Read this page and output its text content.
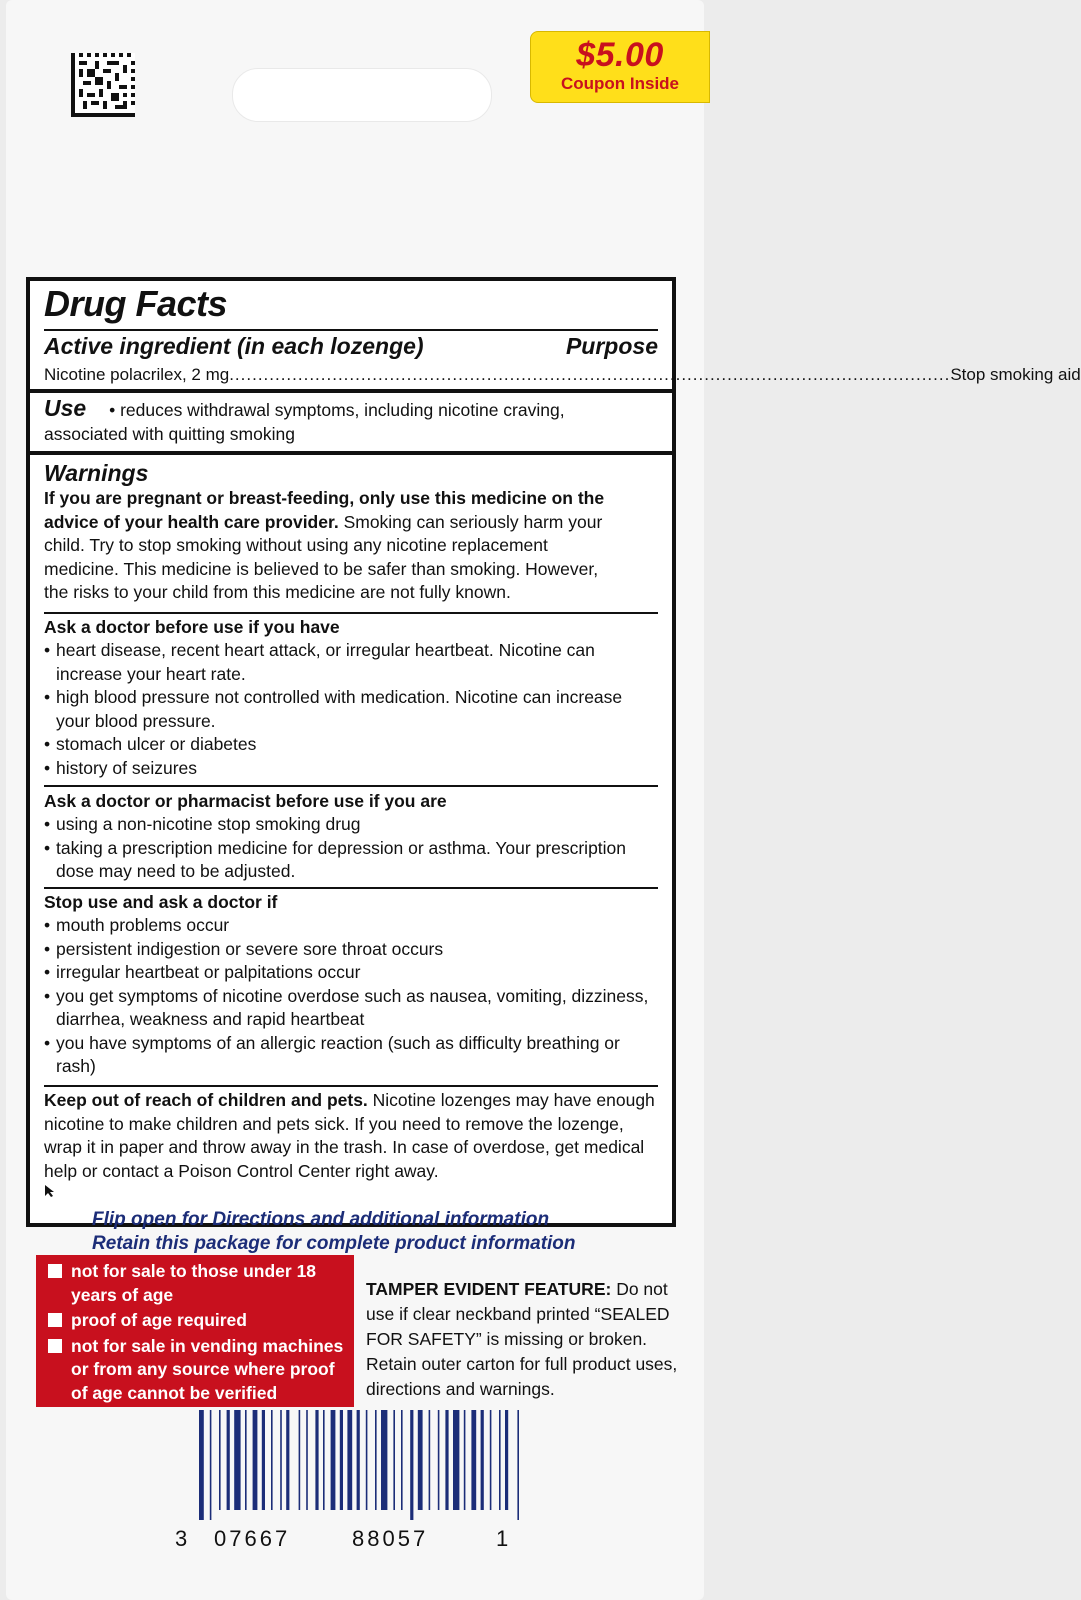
$5.00
Coupon Inside
Drug Facts
Active ingredient (in each lozenge)	Purpose
Nicotine polacrilex, 2 mg .............................................................................................................................. Stop smoking aid
Use • reduces withdrawal symptoms, including nicotine craving,
associated with quitting smoking
Warnings
If you are pregnant or breast-feeding, only use this medicine on the
advice of your health care provider. Smoking can seriously harm your
child. Try to stop smoking without using any nicotine replacement
medicine. This medicine is believed to be safer than smoking. However,
the risks to your child from this medicine are not fully known.
Ask a doctor before use if you have
• heart disease, recent heart attack, or irregular heartbeat. Nicotine can increase your heart rate.
• high blood pressure not controlled with medication. Nicotine can increase your blood pressure.
• stomach ulcer or diabetes
• history of seizures
Ask a doctor or pharmacist before use if you are
• using a non-nicotine stop smoking drug
• taking a prescription medicine for depression or asthma. Your prescription dose may need to be adjusted.
Stop use and ask a doctor if
• mouth problems occur
• persistent indigestion or severe sore throat occurs
• irregular heartbeat or palpitations occur
• you get symptoms of nicotine overdose such as nausea, vomiting, dizziness, diarrhea, weakness and rapid heartbeat
• you have symptoms of an allergic reaction (such as difficulty breathing or rash)
Keep out of reach of children and pets. Nicotine lozenges may have enough nicotine to make children and pets sick. If you need to remove the lozenge, wrap it in paper and throw away in the trash. In case of overdose, get medical help or contact a Poison Control Center right away.
Flip open for Directions and additional information
Retain this package for complete product information
not for sale to those under 18 years of age
proof of age required
not for sale in vending machines or from any source where proof of age cannot be verified
TAMPER EVIDENT FEATURE: Do not use if clear neckband printed “SEALED FOR SAFETY” is missing or broken. Retain outer carton for full product uses, directions and warnings.
3 07667	88057	1
